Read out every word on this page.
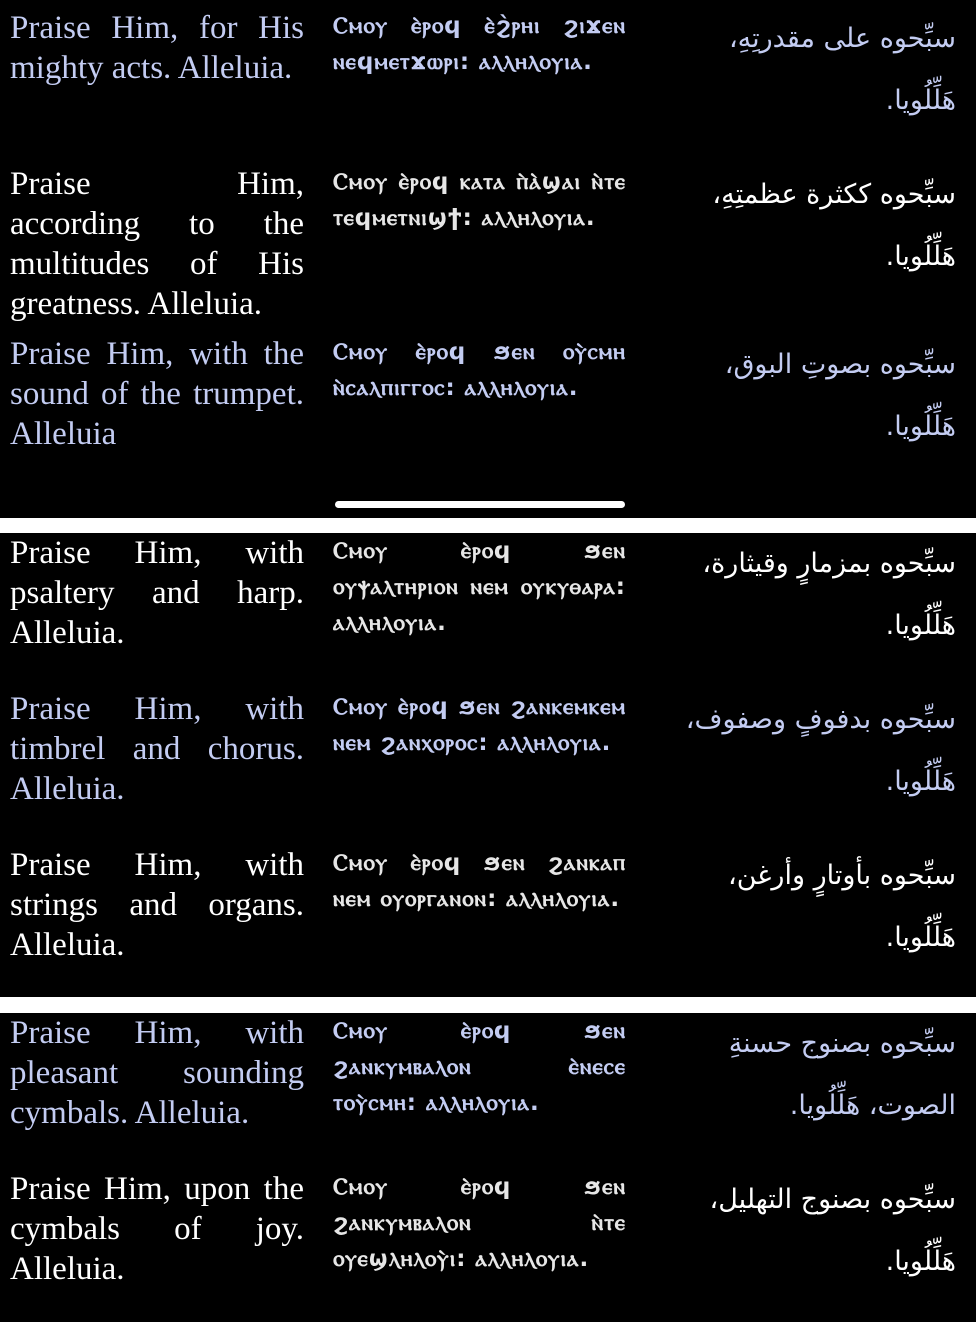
Praise Him, for His mighty acts. Alleluia.
Ⲥⲙⲟⲩ ⲉ̀ⲣⲟϥ ⲉ̀ϩ̀ⲣⲏⲓ ϩⲓϫⲉⲛ ⲛⲉϥⲙⲉⲧϫⲱⲣⲓ: ⲁⲗⲗⲏⲗⲟⲩⲓⲁ.
سبِّحوه على مقدرتِهِ،
هَلِّلُويا.
Praise Him, according to the multitudes of His greatness. Alleluia.
Ⲥⲙⲟⲩ ⲉ̀ⲣⲟϥ ⲕⲁⲧⲁ ⲡ̀ⲁ̀ϣⲁⲓ ⲛ̀ⲧⲉ ⲧⲉϥⲙⲉⲧⲛⲓϣϯ: ⲁⲗⲗⲏⲗⲟⲩⲓⲁ.
سبِّحوه ككثرة عظمتِهِ،
هَلِّلُويا.
Praise Him, with the sound of the trumpet. Alleluia
Ⲥⲙⲟⲩ ⲉ̀ⲣⲟϥ ϧⲉⲛ ⲟⲩ̀ⲥⲙⲏ ⲛ̀ⲥⲁⲗⲡⲓⲅⲅⲟⲥ: ⲁⲗⲗⲏⲗⲟⲩⲓⲁ.
سبِّحوه بصوتِ البوق،
هَلِّلُويا.
Praise Him, with psaltery and harp. Alleluia.
Ⲥⲙⲟⲩ ⲉ̀ⲣⲟϥ ϧⲉⲛ ⲟⲩⲯⲁⲗⲧⲏⲣⲓⲟⲛ ⲛⲉⲙ ⲟⲩⲕⲩⲑⲁⲣⲁ: ⲁⲗⲗⲏⲗⲟⲩⲓⲁ.
سبِّحوه بمزمارٍ وقيثارة،
هَلِّلُويا.
Praise Him, with timbrel and chorus. Alleluia.
Ⲥⲙⲟⲩ ⲉ̀ⲣⲟϥ ϧⲉⲛ ϩⲁⲛⲕⲉⲙⲕⲉⲙ ⲛⲉⲙ ϩⲁⲛⲭⲟⲣⲟⲥ: ⲁⲗⲗⲏⲗⲟⲩⲓⲁ.
سبِّحوه بدفوفٍ وصفوف،
هَلِّلُويا.
Praise Him, with strings and organs. Alleluia.
Ⲥⲙⲟⲩ ⲉ̀ⲣⲟϥ ϧⲉⲛ ϩⲁⲛⲕⲁⲡ ⲛⲉⲙ ⲟⲩⲟⲣⲅⲁⲛⲟⲛ: ⲁⲗⲗⲏⲗⲟⲩⲓⲁ.
سبِّحوه بأوتارٍ وأرغن،
هَلِّلُويا.
Praise Him, with pleasant sounding cymbals. Alleluia.
Ⲥⲙⲟⲩ ⲉ̀ⲣⲟϥ ϧⲉⲛ ϩⲁⲛⲕⲩⲙⲃⲁⲗⲟⲛ ⲉ̀ⲛⲉⲥⲉ ⲧⲟⲩ̀ⲥⲙⲏ: ⲁⲗⲗⲏⲗⲟⲩⲓⲁ.
سبِّحوه بصنوج حسنةِ
الصوت، هَلِّلُويا.
Praise Him, upon the cymbals of joy. Alleluia.
Ⲥⲙⲟⲩ ⲉ̀ⲣⲟϥ ϧⲉⲛ ϩⲁⲛⲕⲩⲙⲃⲁⲗⲟⲛ ⲛ̀ⲧⲉ ⲟⲩⲉϣⲗⲏⲗⲟⲩ̀ⲓ: ⲁⲗⲗⲏⲗⲟⲩⲓⲁ.
سبِّحوه بصنوج التهليل،
هَلِّلُويا.
